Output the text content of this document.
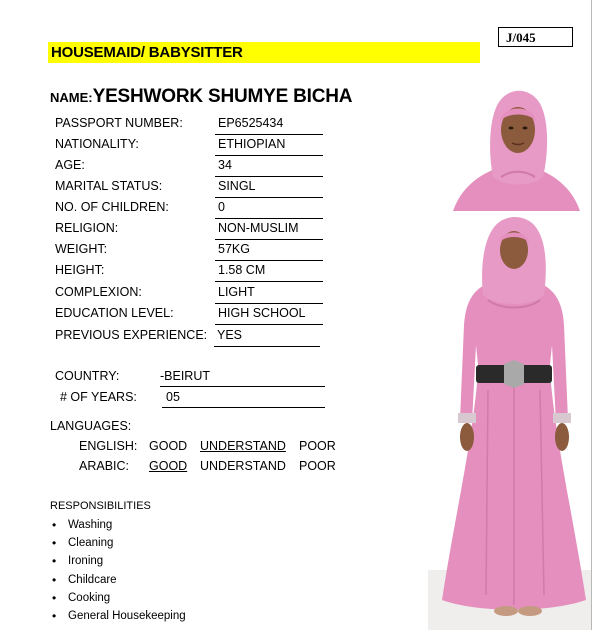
J/045
HOUSEMAID/ BABYSITTER
NAME:YESHWORK SHUMYE BICHA
PASSPORT NUMBER:	EP6525434
NATIONALITY:	ETHIOPIAN
AGE:	34
MARITAL STATUS:	SINGL
NO. OF CHILDREN:	0
RELIGION:	NON-MUSLIM
WEIGHT:	57KG
HEIGHT:	1.58 CM
COMPLEXION:	LIGHT
EDUCATION LEVEL:	HIGH SCHOOL
PREVIOUS EXPERIENCE: YES
COUNTRY:	-BEIRUT
# OF YEARS:	05
LANGUAGES:
ENGLISH: GOOD UNDERSTAND POOR
ARABIC: GOOD UNDERSTAND POOR
RESPONSIBILITIES
• Washing
• Cleaning
• Ironing
• Childcare
• Cooking
• General Housekeeping
